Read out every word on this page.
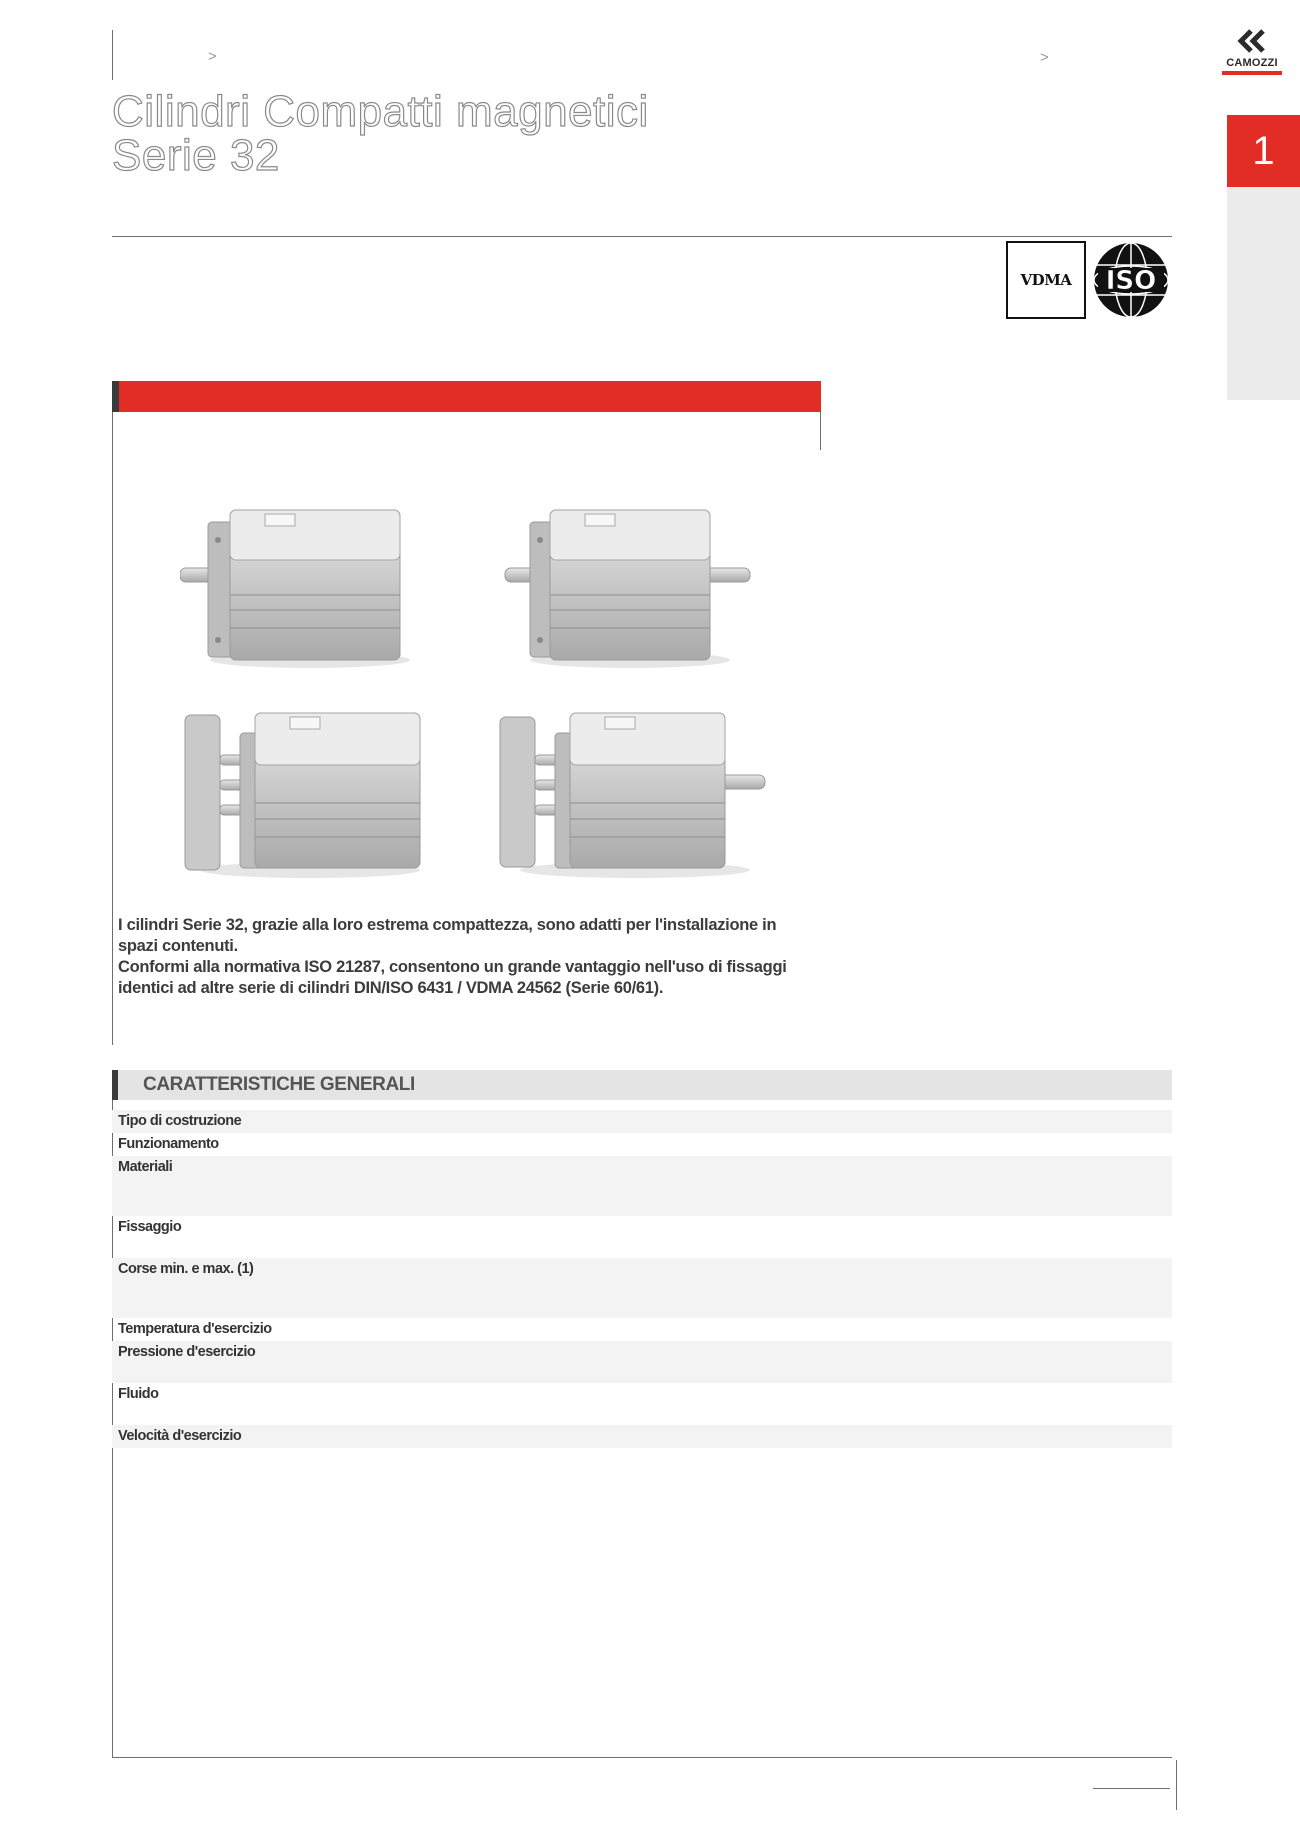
>	>
Cilindri Compatti magnetici
Serie 32
CAMOZZI
1
VDMA ISO

I cilindri Serie 32, grazie alla loro estrema compattezza, sono adatti per l'installazione in spazi contenuti.

Conformi alla normativa ISO 21287, consentono un grande vantaggio nell'uso di fissaggi identici ad altre serie di cilindri DIN/ISO 6431 / VDMA 24562 (Serie 60/61).

CARATTERISTICHE GENERALI
Tipo di costruzione
Funzionamento
Materiali
Fissaggio
Corse min. e max. (1)
Temperatura d'esercizio
Pressione d'esercizio
Fluido
Velocità d'esercizio
